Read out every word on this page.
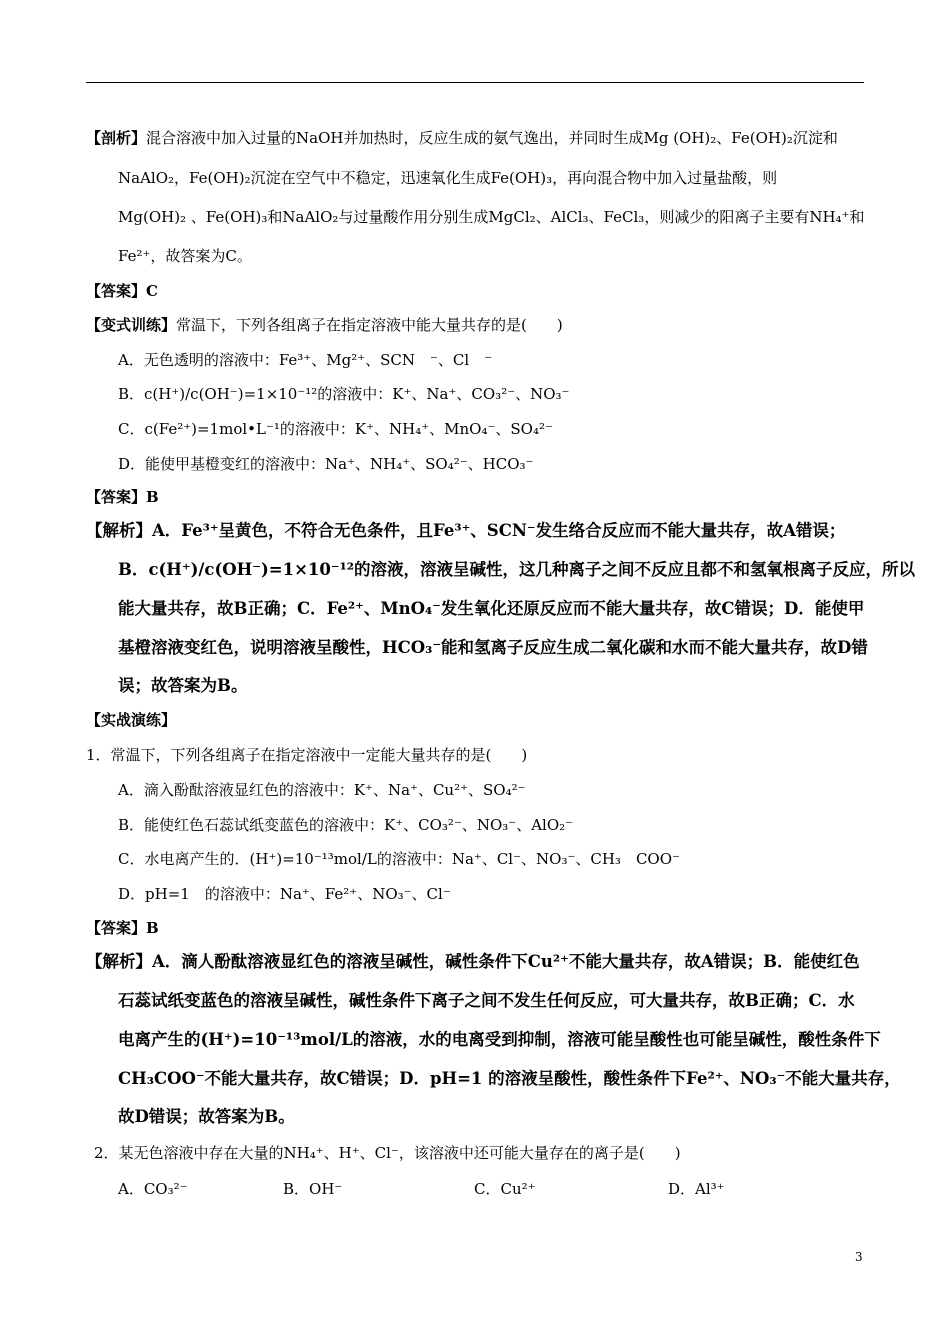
【剖析】混合溶液中加入过量的NaOH并加热时，反应生成的氨气逸出，并同时生成Mg (OH)₂、Fe(OH)₂沉淀和
NaAlO₂，Fe(OH)₂沉淀在空气中不稳定，迅速氧化生成Fe(OH)₃，再向混合物中加入过量盐酸，则
Mg(OH)₂ 、Fe(OH)₃和NaAlO₂与过量酸作用分别生成MgCl₂、AlCl₃、FeCl₃，则减少的阳离子主要有NH₄⁺和
Fe²⁺，故答案为C。
【答案】C
【变式训练】常温下，下列各组离子在指定溶液中能大量共存的是(　　)
A．无色透明的溶液中：Fe³⁺、Mg²⁺、SCN　⁻、Cl　⁻
B．c(H⁺)/c(OH⁻)=1×10⁻¹²的溶液中：K⁺、Na⁺、CO₃²⁻、NO₃⁻
C．c(Fe²⁺)=1mol•L⁻¹的溶液中：K⁺、NH₄⁺、MnO₄⁻、SO₄²⁻
D．能使甲基橙变红的溶液中：Na⁺、NH₄⁺、SO₄²⁻、HCO₃⁻
【答案】B
【解析】A．Fe³⁺呈黄色，不符合无色条件，且Fe³⁺、SCN⁻发生络合反应而不能大量共存，故A错误；
B．c(H⁺)/c(OH⁻)=1×10⁻¹²的溶液，溶液呈碱性，这几种离子之间不反应且都不和氢氧根离子反应，所以
能大量共存，故B正确；C．Fe²⁺、MnO₄⁻发生氧化还原反应而不能大量共存，故C错误；D．能使甲
基橙溶液变红色，说明溶液呈酸性，HCO₃⁻能和氢离子反应生成二氧化碳和水而不能大量共存，故D错
误；故答案为B。
【实战演练】
1．常温下，下列各组离子在指定溶液中一定能大量共存的是(　　)
A．滴入酚酞溶液显红色的溶液中：K⁺、Na⁺、Cu²⁺、SO₄²⁻
B．能使红色石蕊试纸变蓝色的溶液中：K⁺、CO₃²⁻、NO₃⁻、AlO₂⁻
C．水电离产生的．(H⁺)=10⁻¹³mol/L的溶液中：Na⁺、Cl⁻、NO₃⁻、CH₃　COO⁻
D．pH=1　的溶液中：Na⁺、Fe²⁺、NO₃⁻、Cl⁻
【答案】B
【解析】A．滴人酚酞溶液显红色的溶液呈碱性，碱性条件下Cu²⁺不能大量共存，故A错误；B．能使红色
石蕊试纸变蓝色的溶液呈碱性，碱性条件下离子之间不发生任何反应，可大量共存，故B正确；C．水
电离产生的(H⁺)=10⁻¹³mol/L的溶液，水的电离受到抑制，溶液可能呈酸性也可能呈碱性，酸性条件下
CH₃COO⁻不能大量共存，故C错误；D．pH=1 的溶液呈酸性，酸性条件下Fe²⁺、NO₃⁻不能大量共存，
故D错误；故答案为B。
2．某无色溶液中存在大量的NH₄⁺、H⁺、Cl⁻，该溶液中还可能大量存在的离子是(　　)
A．CO₃²⁻	B．OH⁻	C．Cu²⁺	D．Al³⁺
3
